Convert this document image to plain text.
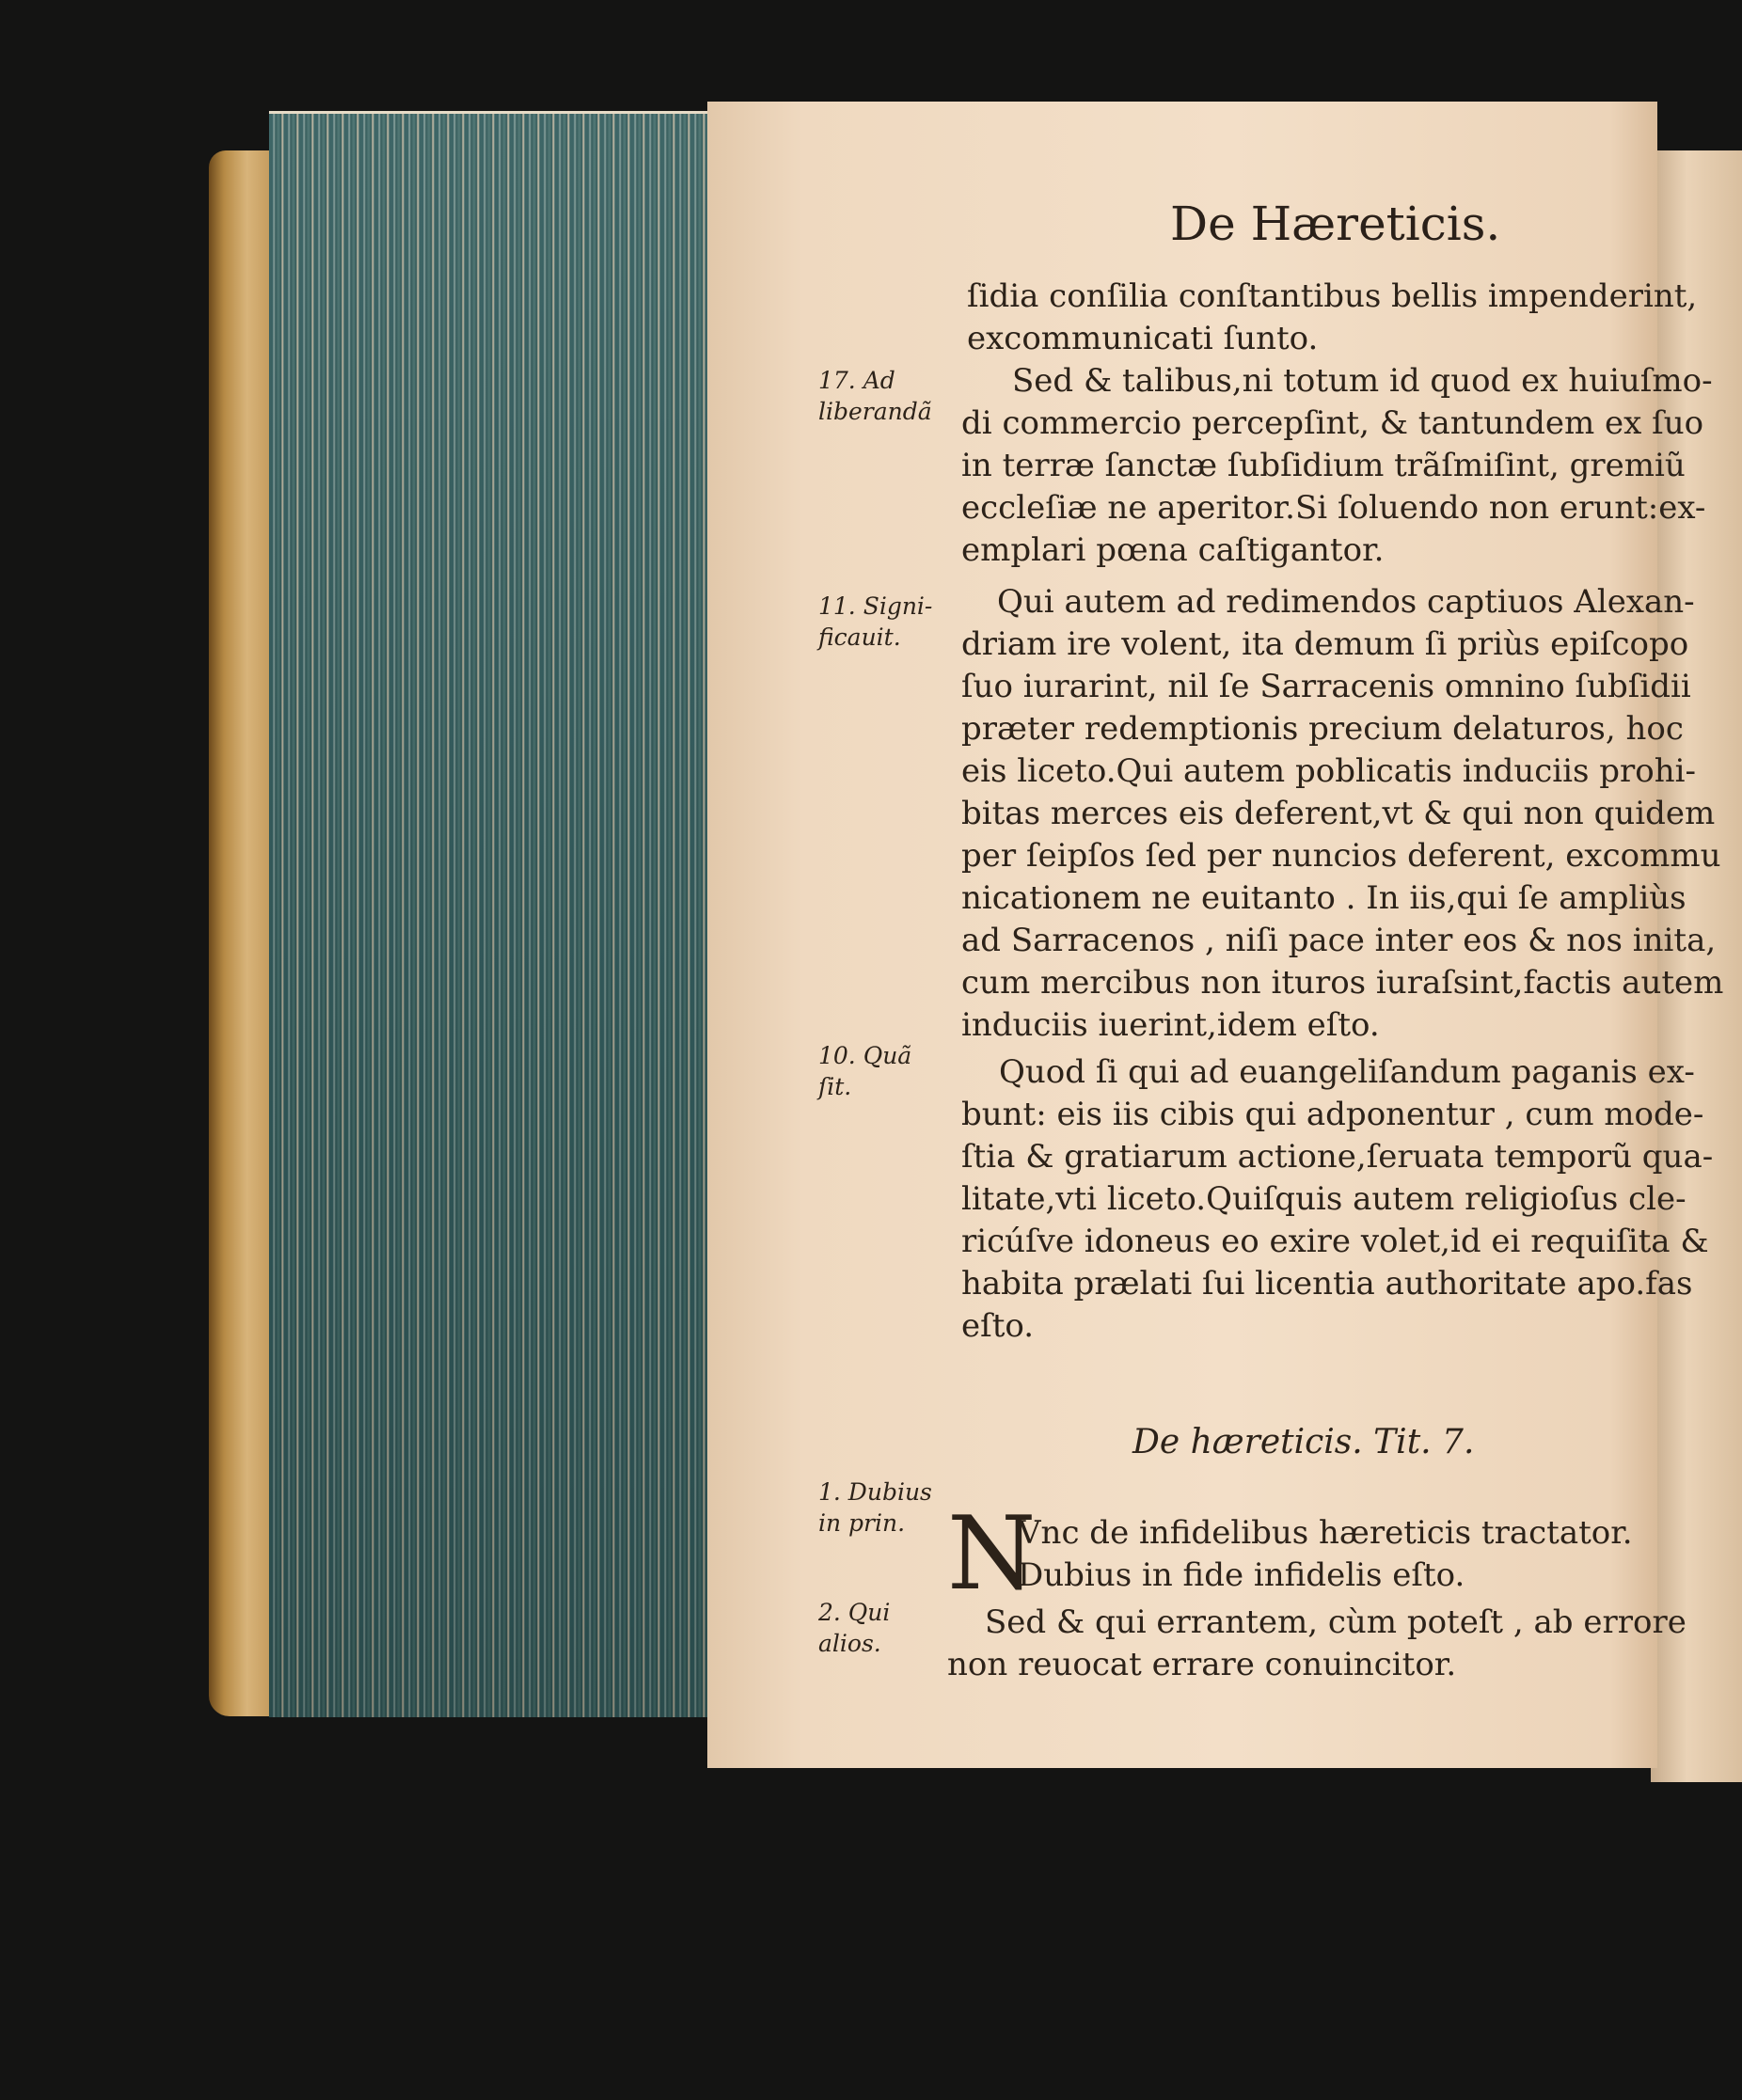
De Hæreticis.
17. Ad
liberandã
11. Signi-
ficauit.
10. Quã
ſit.
1. Dubius
in prin.
2. Qui
alios.
ſidia conſilia conſtantibus bellis impenderint,
excommunicati ſunto.
Sed & talibus,ni totum id quod ex huiuſmo-
di commercio percepſint, & tantundem ex ſuo
in terræ ſanctæ ſubſidium trãſmiſint, gremiũ
eccleſiæ ne aperitor.Si ſoluendo non erunt:ex-
emplari pœna caſtigantor.
Qui autem ad redimendos captiuos Alexan-
driam ire volent, ita demum ſi priùs epiſcopo
ſuo iurarint, nil ſe Sarracenis omnino ſubſidii
præter redemptionis precium delaturos, hoc
eis liceto.Qui autem poblicatis induciis prohi-
bitas merces eis deferent,vt & qui non quidem
per ſeipſos ſed per nuncios deferent, excommu
nicationem ne euitanto . In iis,qui ſe ampliùs
ad Sarracenos , niſi pace inter eos & nos inita,
cum mercibus non ituros iuraſsint,factis autem
induciis iuerint,idem eſto.
Quod ſi qui ad euangeliſandum paganis ex-
bunt: eis iis cibis qui adponentur , cum mode-
ſtia & gratiarum actione,ſeruata temporũ qua-
litate,vti liceto.Quiſquis autem religioſus cle-
ricúſve idoneus eo exire volet,id ei requiſita &
habita prælati ſui licentia authoritate apo.fas
eſto.
De hæreticis. Tit. 7.
N
Vnc de infidelibus hæreticis tractator.
Dubius in fide infidelis eſto.
Sed & qui errantem, cùm poteſt , ab errore
non reuocat errare conuincitor.
